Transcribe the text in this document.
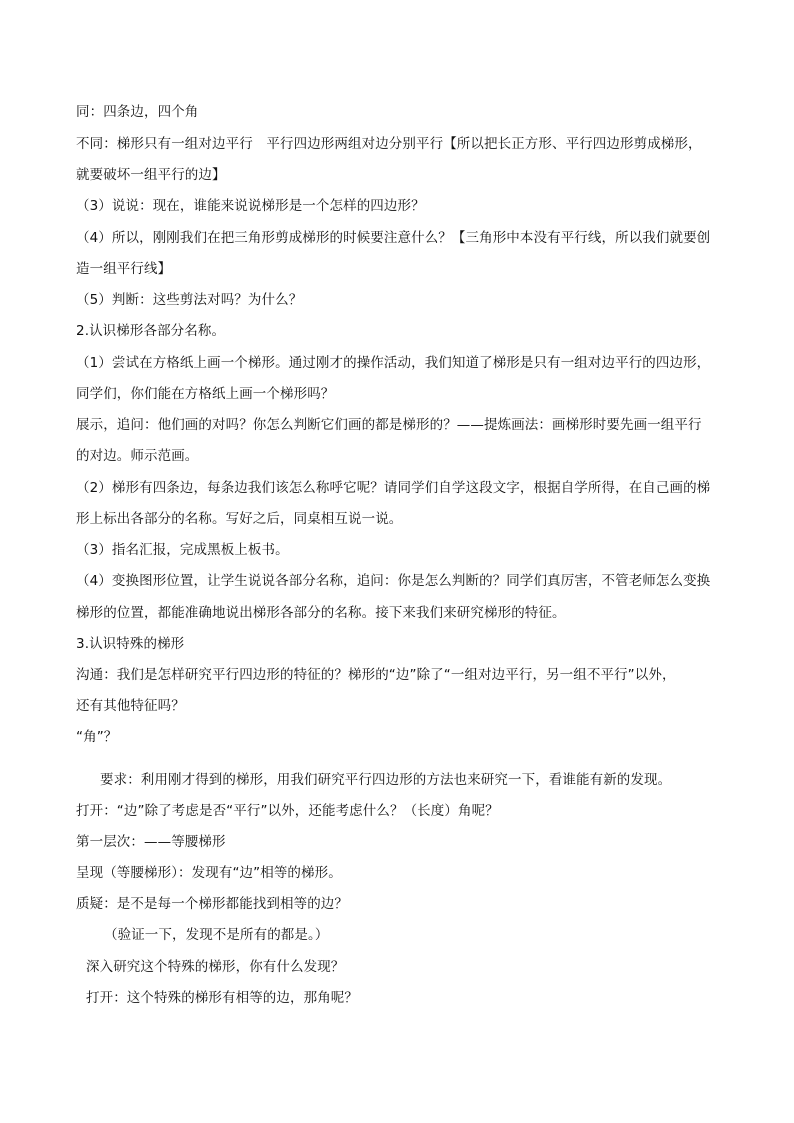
同：四条边，四个角
不同：梯形只有一组对边平行　平行四边形两组对边分别平行【所以把长正方形、平行四边形剪成梯形，
就要破坏一组平行的边】
（3）说说：现在，谁能来说说梯形是一个怎样的四边形？
（4）所以，刚刚我们在把三角形剪成梯形的时候要注意什么？【三角形中本没有平行线，所以我们就要创
造一组平行线】
（5）判断：这些剪法对吗？为什么？
2.认识梯形各部分名称。
（1）尝试在方格纸上画一个梯形。通过刚才的操作活动，我们知道了梯形是只有一组对边平行的四边形，
同学们，你们能在方格纸上画一个梯形吗？
展示，追问：他们画的对吗？你怎么判断它们画的都是梯形的？——提炼画法：画梯形时要先画一组平行
的对边。师示范画。
（2）梯形有四条边，每条边我们该怎么称呼它呢？请同学们自学这段文字，根据自学所得，在自己画的梯
形上标出各部分的名称。写好之后，同桌相互说一说。
（3）指名汇报，完成黑板上板书。
（4）变换图形位置，让学生说说各部分名称，追问：你是怎么判断的？同学们真厉害，不管老师怎么变换
梯形的位置，都能准确地说出梯形各部分的名称。接下来我们来研究梯形的特征。
3.认识特殊的梯形
沟通：我们是怎样研究平行四边形的特征的？梯形的“边”除了“一组对边平行，另一组不平行”以外，
还有其他特征吗？
“角”？
要求：利用刚才得到的梯形，用我们研究平行四边形的方法也来研究一下，看谁能有新的发现。
打开：“边”除了考虑是否“平行”以外，还能考虑什么？（长度）角呢？
第一层次：——等腰梯形
呈现（等腰梯形）：发现有“边”相等的梯形。
质疑：是不是每一个梯形都能找到相等的边？
（验证一下，发现不是所有的都是。）
深入研究这个特殊的梯形，你有什么发现？
打开：这个特殊的梯形有相等的边，那角呢？
